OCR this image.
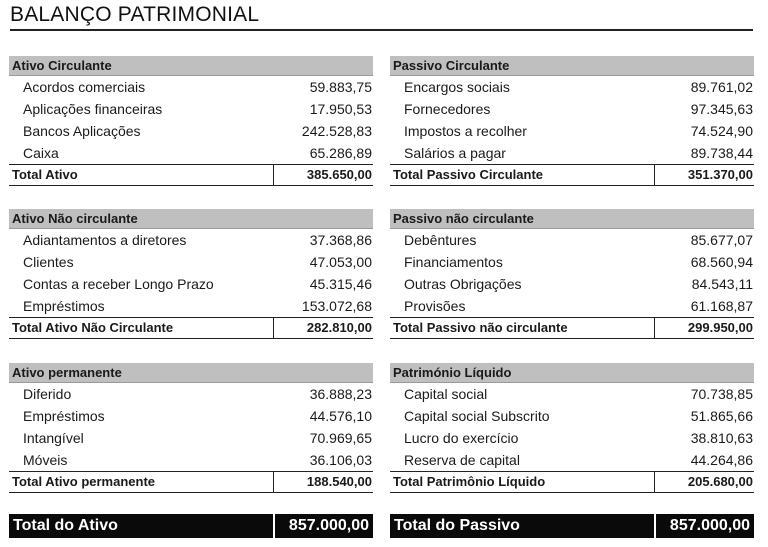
BALANÇO PATRIMONIAL
Ativo Circulante
Acordos comerciais	59.883,75
Aplicações financeiras	17.950,53
Bancos Aplicações	242.528,83
Caixa	65.286,89
Total Ativo	385.650,00
Ativo Não circulante
Adiantamentos a diretores	37.368,86
Clientes	47.053,00
Contas a receber Longo Prazo	45.315,46
Empréstimos	153.072,68
Total Ativo Não Circulante	282.810,00
Ativo permanente
Diferido	36.888,23
Empréstimos	44.576,10
Intangível	70.969,65
Móveis	36.106,03
Total Ativo permanente	188.540,00
Passivo Circulante
Encargos sociais	89.761,02
Fornecedores	97.345,63
Impostos a recolher	74.524,90
Salários a pagar	89.738,44
Total Passivo Circulante	351.370,00
Passivo não circulante
Debêntures	85.677,07
Financiamentos	68.560,94
Outras Obrigações	84.543,11
Provisões	61.168,87
Total Passivo não circulante	299.950,00
Património Líquido
Capital social	70.738,85
Capital social Subscrito	51.865,66
Lucro do exercício	38.810,63
Reserva de capital	44.264,86
Total Patrimônio Líquido	205.680,00
Total do Ativo	857.000,00 Total do Passivo	857.000,00
